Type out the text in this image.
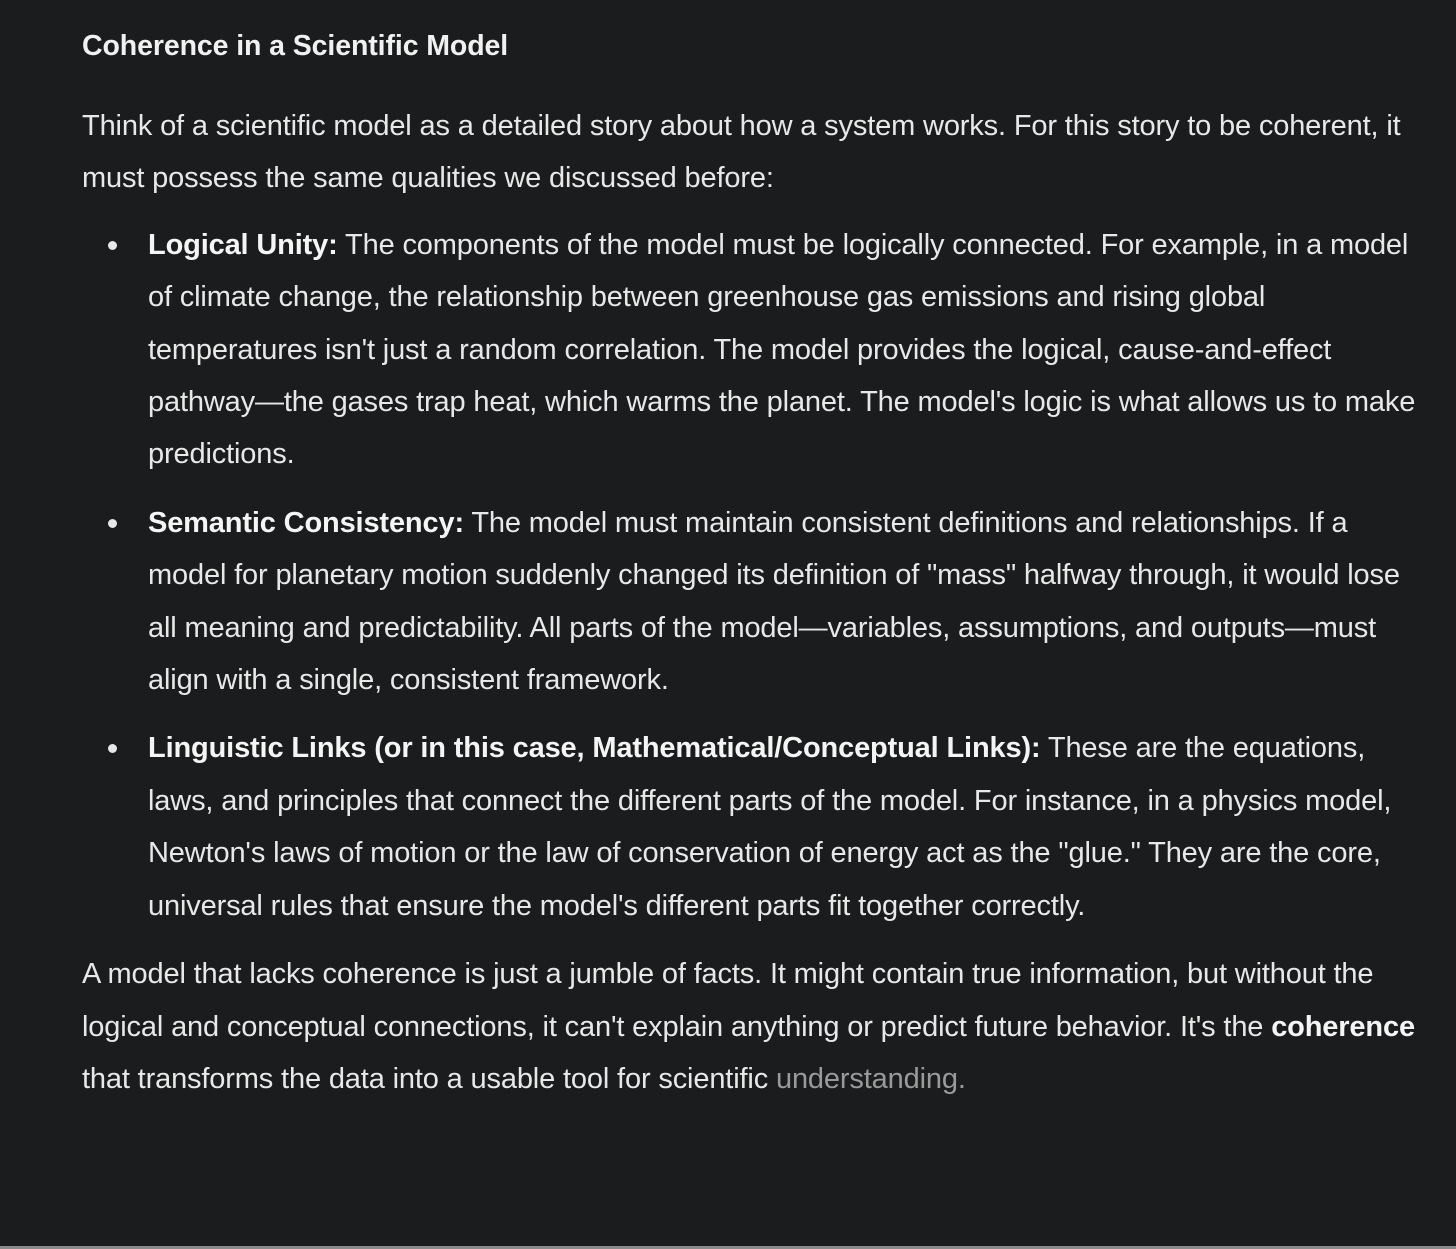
Coherence in a Scientific Model

Think of a scientific model as a detailed story about how a system works. For this story to be coherent, it must possess the same qualities we discussed before:

Logical Unity: The components of the model must be logically connected. For example, in a model of climate change, the relationship between greenhouse gas emissions and rising global temperatures isn't just a random correlation. The model provides the logical, cause-and-effect pathway—the gases trap heat, which warms the planet. The model's logic is what allows us to make predictions.
Semantic Consistency: The model must maintain consistent definitions and relationships. If a model for planetary motion suddenly changed its definition of "mass" halfway through, it would lose all meaning and predictability. All parts of the model—variables, assumptions, and outputs—must align with a single, consistent framework.
Linguistic Links (or in this case, Mathematical/Conceptual Links): These are the equations, laws, and principles that connect the different parts of the model. For instance, in a physics model, Newton's laws of motion or the law of conservation of energy act as the "glue." They are the core, universal rules that ensure the model's different parts fit together correctly.

A model that lacks coherence is just a jumble of facts. It might contain true information, but without the logical and conceptual connections, it can't explain anything or predict future behavior. It's the coherence that transforms the data into a usable tool for scientific understanding.
